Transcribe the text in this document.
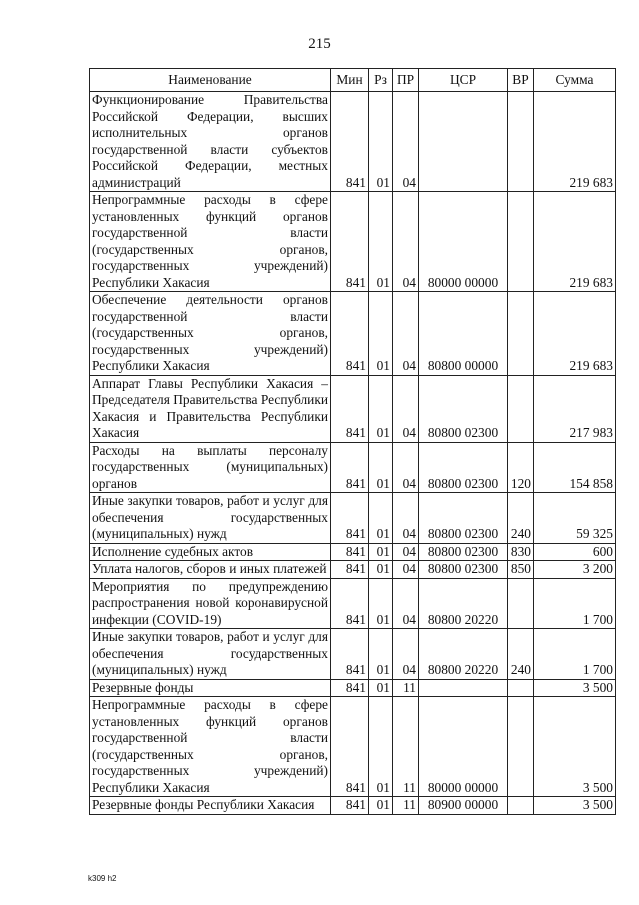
215
Наименование	Мин	Рз	ПР	ЦСР	ВР	Сумма
Функционирование Правительства Российской Федерации, высших исполнительных органов государственной власти субъектов Российской Федерации, местных администраций	841	01	04			219 683
Непрограммные расходы в сфере установленных функций органов государственной власти (государственных органов, государственных учреждений) Республики Хакасия	841	01	04	80000 00000		219 683
Обеспечение деятельности органов государственной власти (государственных органов, государственных учреждений) Республики Хакасия	841	01	04	80800 00000		219 683
Аппарат Главы Республики Хакасия – Председателя Правительства Республики Хакасия и Правительства Республики Хакасия	841	01	04	80800 02300		217 983
Расходы на выплаты персоналу государственных (муниципальных) органов	841	01	04	80800 02300	120	154 858
Иные закупки товаров, работ и услуг для обеспечения государственных (муниципальных) нужд	841	01	04	80800 02300	240	59 325
Исполнение судебных актов	841	01	04	80800 02300	830	600
Уплата налогов, сборов и иных платежей	841	01	04	80800 02300	850	3 200
Мероприятия по предупреждению распространения новой коронавирусной инфекции (COVID-19)	841	01	04	80800 20220		1 700
Иные закупки товаров, работ и услуг для обеспечения государственных (муниципальных) нужд	841	01	04	80800 20220	240	1 700
Резервные фонды	841	01	11			3 500
Непрограммные расходы в сфере установленных функций органов государственной власти (государственных органов, государственных учреждений) Республики Хакасия	841	01	11	80000 00000		3 500
Резервные фонды Республики Хакасия	841	01	11	80900 00000		3 500
k309 h2
